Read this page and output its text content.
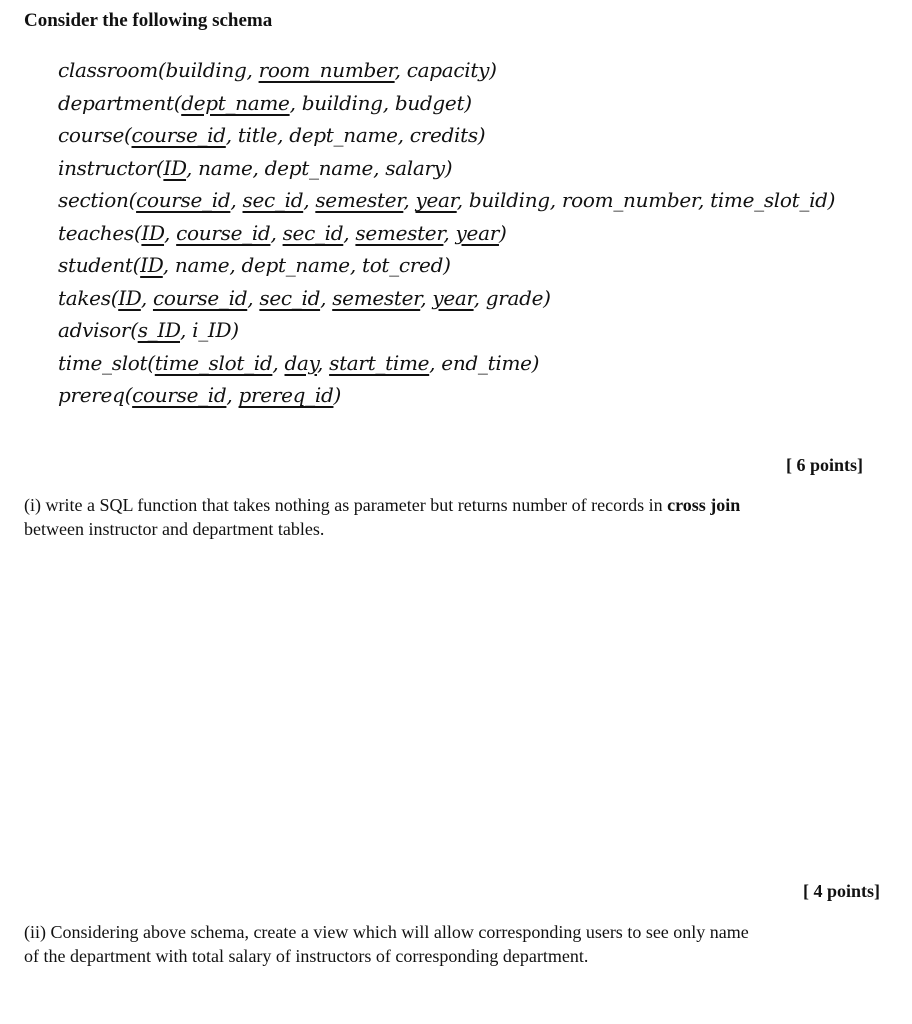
Consider the following schema
classroom(building, room_number, capacity)
department(dept_name, building, budget)
course(course_id, title, dept_name, credits)
instructor(ID, name, dept_name, salary)
section(course_id, sec_id, semester, year, building, room_number, time_slot_id)
teaches(ID, course_id, sec_id, semester, year)
student(ID, name, dept_name, tot_cred)
takes(ID, course_id, sec_id, semester, year, grade)
advisor(s_ID, i_ID)
time_slot(time_slot_id, day, start_time, end_time)
prereq(course_id, prereq_id)
[ 6 points]
(i) write a SQL function that takes nothing as parameter but returns number of records in cross join between instructor and department tables.
[ 4 points]
(ii) Considering above schema, create a view which will allow corresponding users to see only name of the department with total salary of instructors of corresponding department.
